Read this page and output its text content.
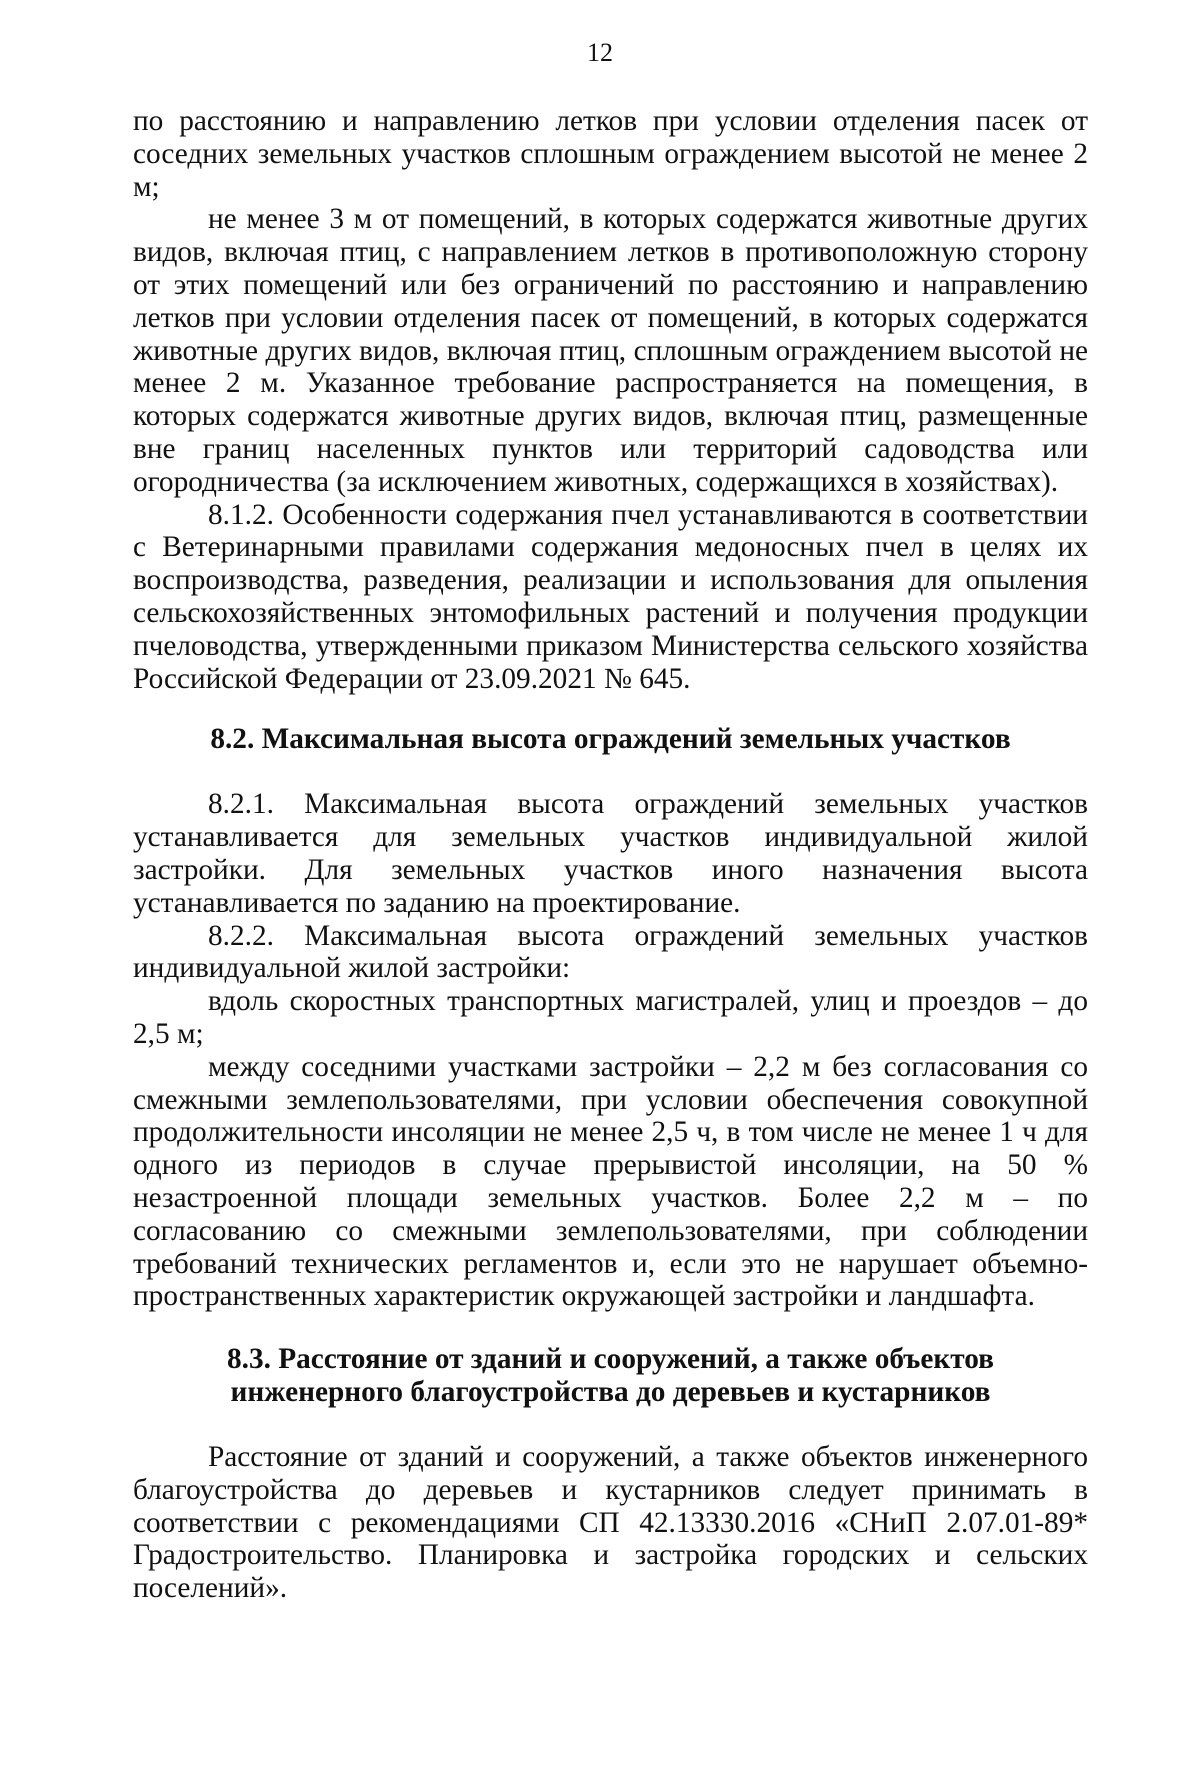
12

по расстоянию и направлению летков при условии отделения пасек от соседних земельных участков сплошным ограждением высотой не менее 2 м;

не менее 3 м от помещений, в которых содержатся животные других видов, включая птиц, с направлением летков в противоположную сторону от этих помещений или без ограничений по расстоянию и направлению летков при условии отделения пасек от помещений, в которых содержатся животные других видов, включая птиц, сплошным ограждением высотой не менее 2 м. Указанное требование распространяется на помещения, в которых содержатся животные других видов, включая птиц, размещенные вне границ населенных пунктов или территорий садоводства или огородничества (за исключением животных, содержащихся в хозяйствах).

8.1.2. Особенности содержания пчел устанавливаются в соответствии с Ветеринарными правилами содержания медоносных пчел в целях их воспроизводства, разведения, реализации и использования для опыления сельскохозяйственных энтомофильных растений и получения продукции пчеловодства, утвержденными приказом Министерства сельского хозяйства Российской Федерации от 23.09.2021 № 645.

8.2. Максимальная высота ограждений земельных участков

8.2.1. Максимальная высота ограждений земельных участков устанавливается для земельных участков индивидуальной жилой застройки. Для земельных участков иного назначения высота устанавливается по заданию на проектирование.

8.2.2. Максимальная высота ограждений земельных участков индивидуальной жилой застройки:

вдоль скоростных транспортных магистралей, улиц и проездов – до 2,5 м;

между соседними участками застройки – 2,2 м без согласования со смежными землепользователями, при условии обеспечения совокупной продолжительности инсоляции не менее 2,5 ч, в том числе не менее 1 ч для одного из периодов в случае прерывистой инсоляции, на 50 % незастроенной площади земельных участков. Более 2,2 м – по согласованию со смежными землепользователями, при соблюдении требований технических регламентов и, если это не нарушает объемно-пространственных характеристик окружающей застройки и ландшафта.

8.3. Расстояние от зданий и сооружений, а также объектов

инженерного благоустройства до деревьев и кустарников

Расстояние от зданий и сооружений, а также объектов инженерного благоустройства до деревьев и кустарников следует принимать в соответствии с рекомендациями СП 42.13330.2016 «СНиП 2.07.01-89* Градостроительство. Планировка и застройка городских и сельских поселений».
